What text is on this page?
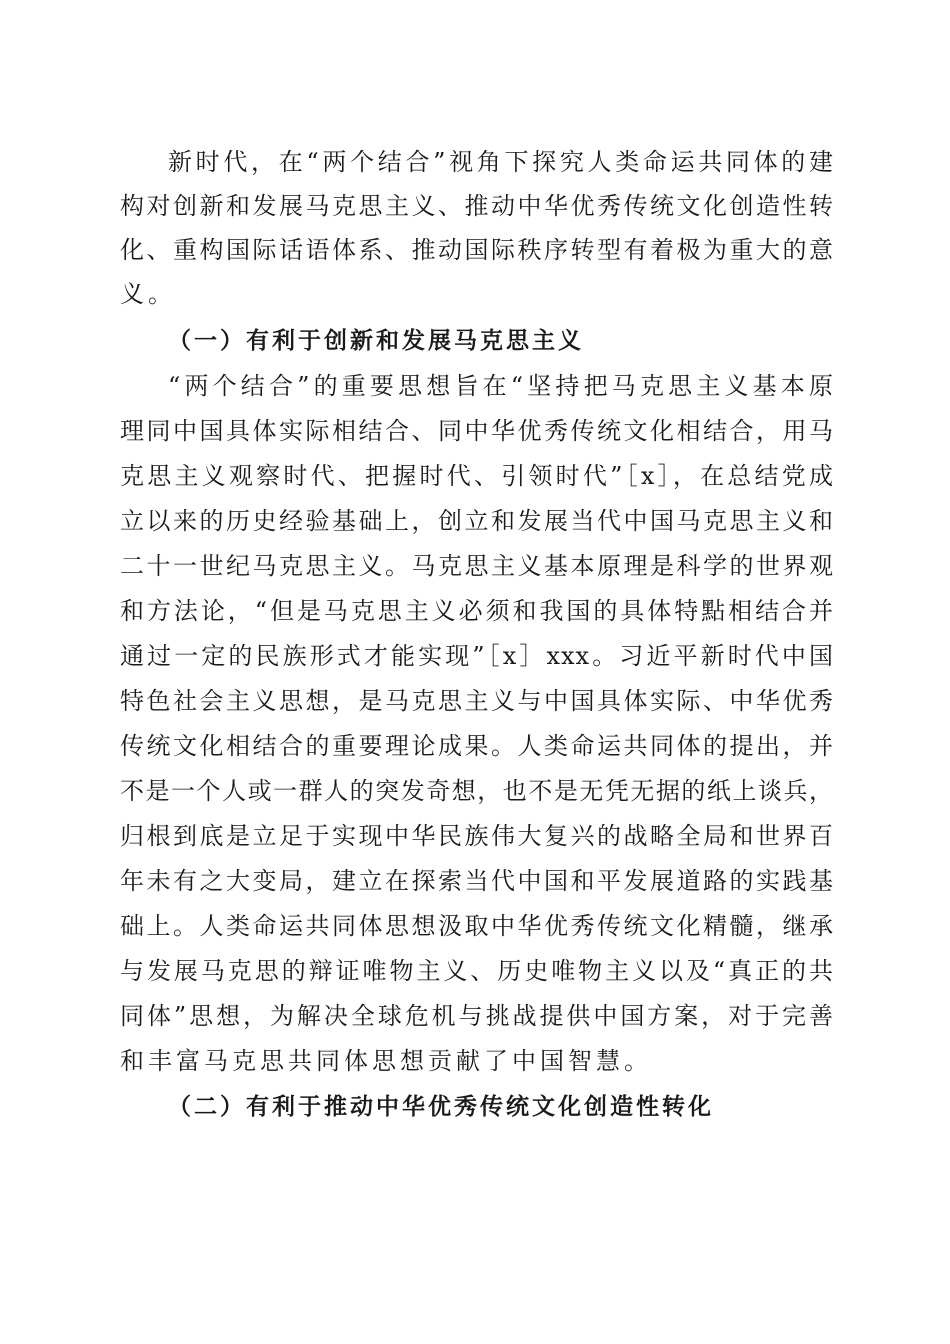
新时代，在“两个结合”视角下探究人类命运共同体的建
构对创新和发展马克思主义、推动中华优秀传统文化创造性转
化、重构国际话语体系、推动国际秩序转型有着极为重大的意
义。
（一）有利于创新和发展马克思主义
“两个结合”的重要思想旨在“坚持把马克思主义基本原
理同中国具体实际相结合、同中华优秀传统文化相结合，用马
克思主义观察时代、把握时代、引领时代”［x］，在总结党成
立以来的历史经验基础上，创立和发展当代中国马克思主义和
二十一世纪马克思主义。马克思主义基本原理是科学的世界观
和方法论，“但是马克思主义必须和我国的具体特點相结合并
通过一定的民族形式才能实现”［x］xxx。习近平新时代中国
特色社会主义思想，是马克思主义与中国具体实际、中华优秀
传统文化相结合的重要理论成果。人类命运共同体的提出，并
不是一个人或一群人的突发奇想，也不是无凭无据的纸上谈兵，
归根到底是立足于实现中华民族伟大复兴的战略全局和世界百
年未有之大变局，建立在探索当代中国和平发展道路的实践基
础上。人类命运共同体思想汲取中华优秀传统文化精髓，继承
与发展马克思的辩证唯物主义、历史唯物主义以及“真正的共
同体”思想，为解决全球危机与挑战提供中国方案，对于完善
和丰富马克思共同体思想贡献了中国智慧。
（二）有利于推动中华优秀传统文化创造性转化
